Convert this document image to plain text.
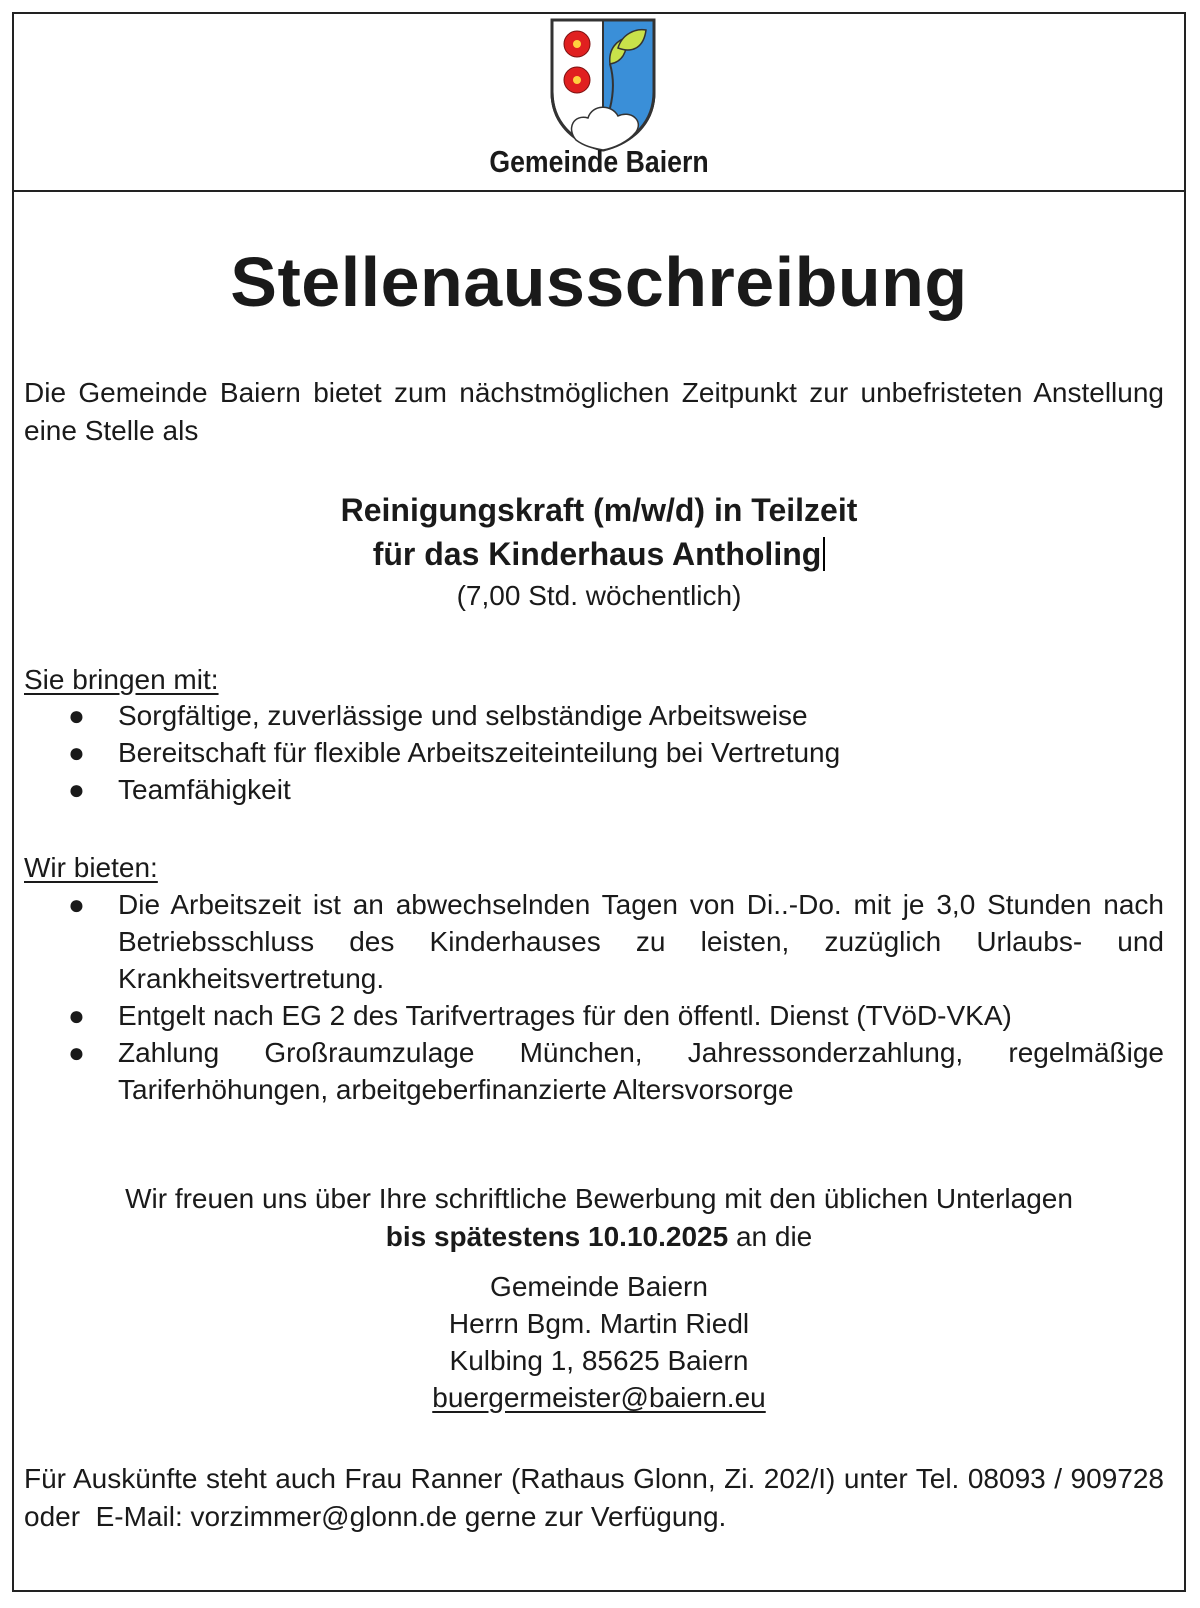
Gemeinde Baiern
Stellenausschreibung
Die Gemeinde Baiern bietet zum nächstmöglichen Zeitpunkt zur unbefristeten Anstellung eine Stelle als
Reinigungskraft (m/w/d) in Teilzeit
für das Kinderhaus Antholing
(7,00 Std. wöchentlich)
Sie bringen mit:
● Sorgfältige, zuverlässige und selbständige Arbeitsweise
● Bereitschaft für flexible Arbeitszeiteinteilung bei Vertretung
● Teamfähigkeit
Wir bieten:
● Die Arbeitszeit ist an abwechselnden Tagen von Di..-Do. mit je 3,0 Stunden nach Betriebsschluss des Kinderhauses zu leisten, zuzüglich Urlaubs- und Krankheitsvertretung.
● Entgelt nach EG 2 des Tarifvertrages für den öffentl. Dienst (TVöD-VKA)
● Zahlung Großraumzulage München, Jahressonderzahlung, regelmäßige Tariferhöhungen, arbeitgeberfinanzierte Altersvorsorge
Wir freuen uns über Ihre schriftliche Bewerbung mit den üblichen Unterlagen
bis spätestens 10.10.2025 an die
Gemeinde Baiern
Herrn Bgm. Martin Riedl
Kulbing 1, 85625 Baiern
buergermeister@baiern.eu
Für Auskünfte steht auch Frau Ranner (Rathaus Glonn, Zi. 202/I) unter Tel. 08093 / 909728  oder  E-Mail: vorzimmer@glonn.de gerne zur Verfügung.
